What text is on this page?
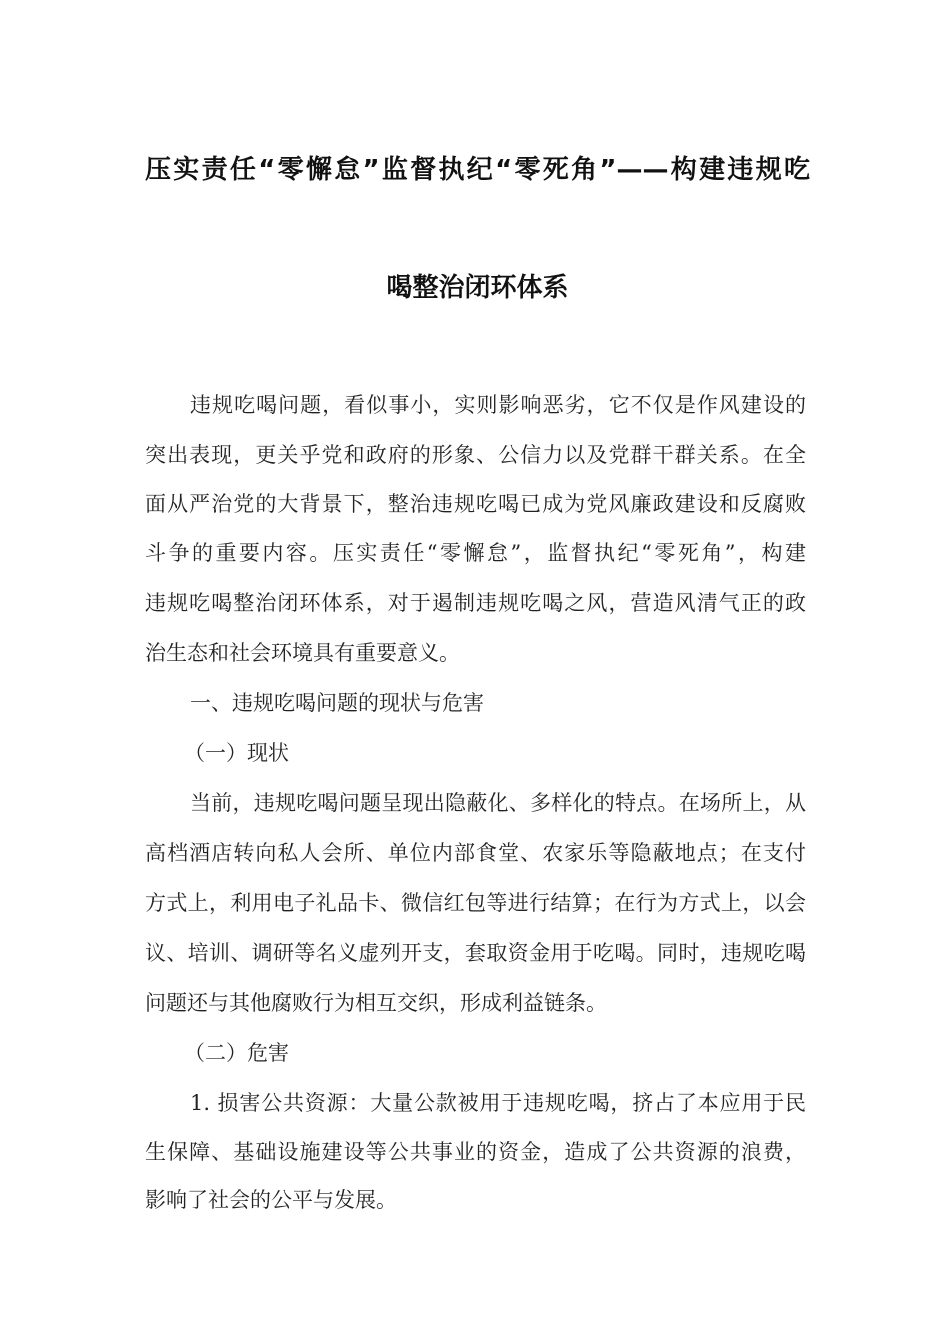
压实责任“零懈怠”监督执纪“零死角”——构建违规吃
喝整治闭环体系
违规吃喝问题，看似事小，实则影响恶劣，它不仅是作风建设的
突出表现，更关乎党和政府的形象、公信力以及党群干群关系。在全
面从严治党的大背景下，整治违规吃喝已成为党风廉政建设和反腐败
斗争的重要内容。压实责任“零懈怠”，监督执纪“零死角”，构建
违规吃喝整治闭环体系，对于遏制违规吃喝之风，营造风清气正的政
治生态和社会环境具有重要意义。
一、违规吃喝问题的现状与危害
（一）现状
当前，违规吃喝问题呈现出隐蔽化、多样化的特点。在场所上，从
高档酒店转向私人会所、单位内部食堂、农家乐等隐蔽地点；在支付
方式上，利用电子礼品卡、微信红包等进行结算；在行为方式上，以会
议、培训、调研等名义虚列开支，套取资金用于吃喝。同时，违规吃喝
问题还与其他腐败行为相互交织，形成利益链条。
（二）危害
1. 损害公共资源：大量公款被用于违规吃喝，挤占了本应用于民
生保障、基础设施建设等公共事业的资金，造成了公共资源的浪费，
影响了社会的公平与发展。
